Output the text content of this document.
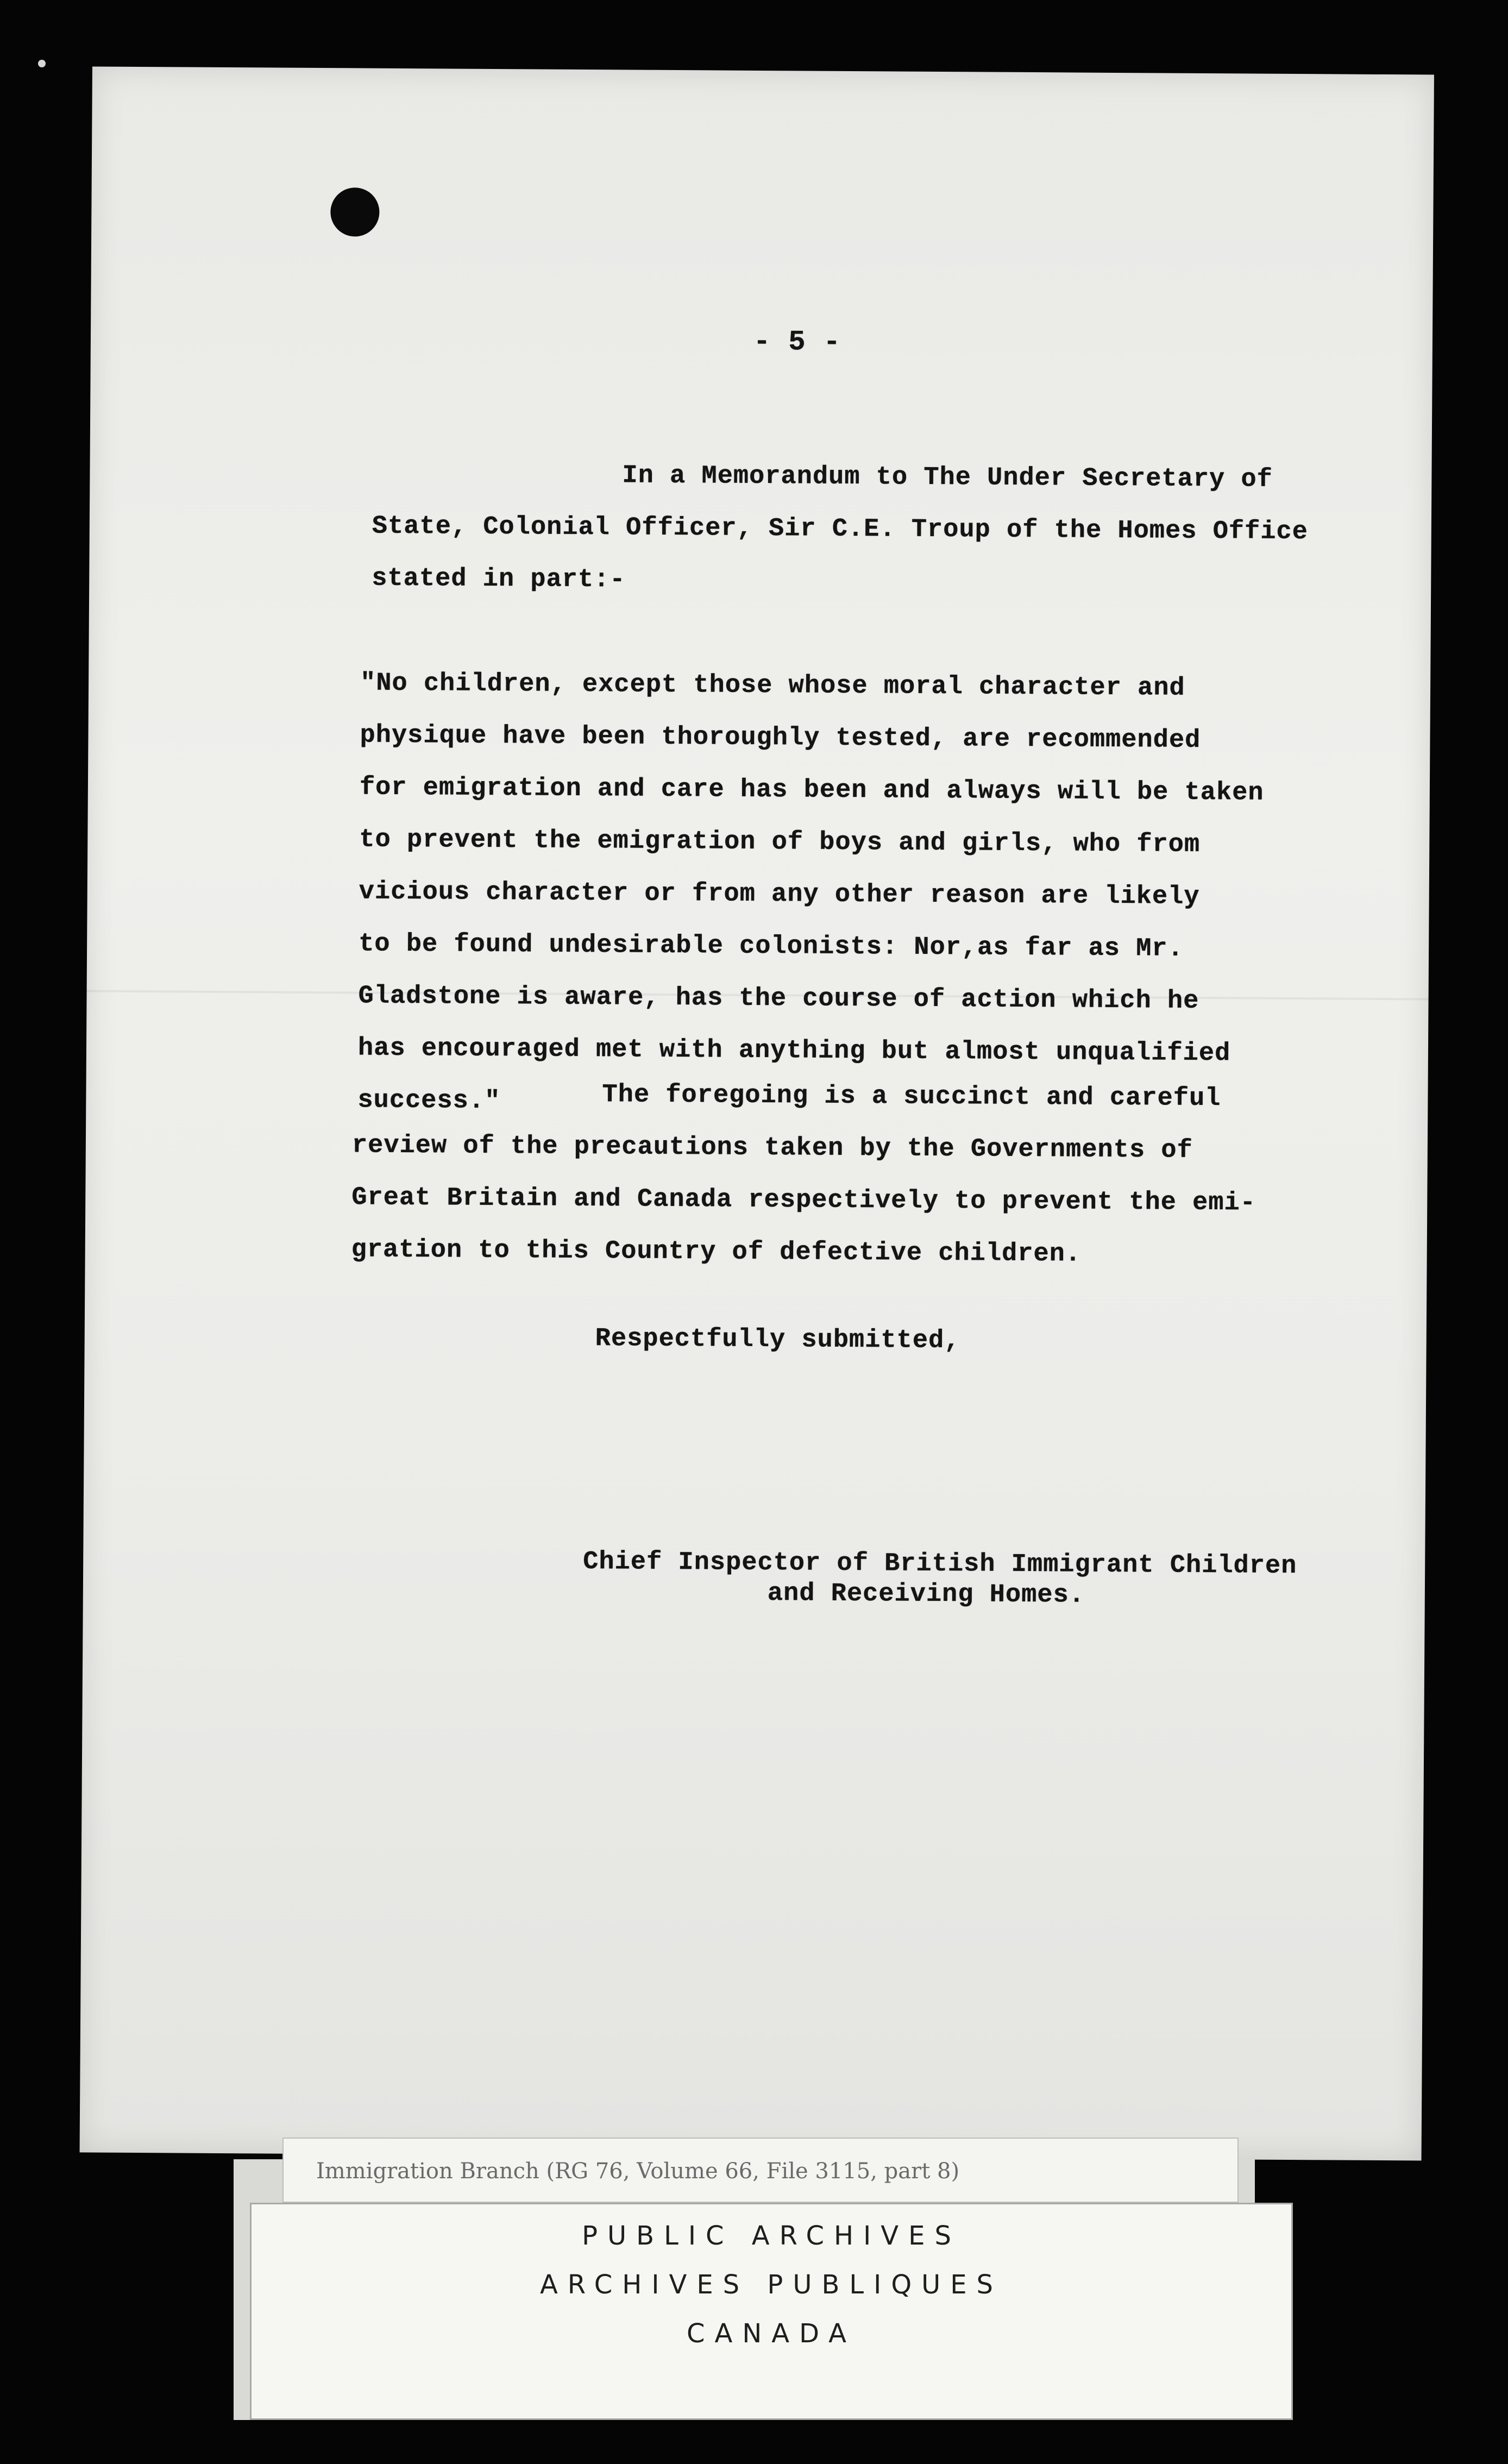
- 5 -
In a Memorandum to The Under Secretary of
State, Colonial Officer, Sir C.E. Troup of the Homes Office
stated in part:-
"No children, except those whose moral character and
physique have been thoroughly tested, are recommended
for emigration and care has been and always will be taken
to prevent the emigration of boys and girls, who from
vicious character or from any other reason are likely
to be found undesirable colonists: Nor,as far as Mr.
Gladstone is aware, has the course of action which he
has encouraged met with anything but almost unqualified
success."	The foregoing is a succinct and careful
review of the precautions taken by the Governments of
Great Britain and Canada respectively to prevent the emi-
gration to this Country of defective children.
Respectfully submitted,
Chief Inspector of British Immigrant Children
and Receiving Homes.
Immigration Branch (RG 76, Volume 66, File 3115, part 8)
PUBLIC ARCHIVES
ARCHIVES PUBLIQUES
CANADA
